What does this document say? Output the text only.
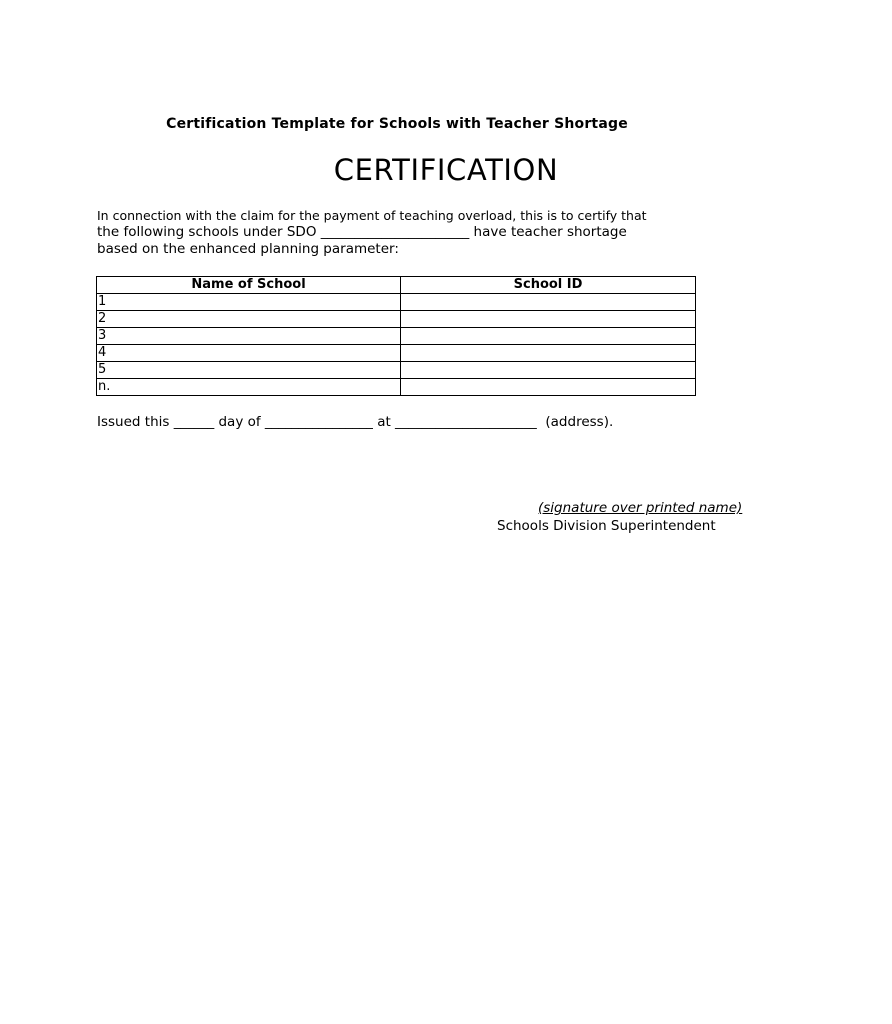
Certification Template for Schools with Teacher Shortage
CERTIFICATION
In connection with the claim for the payment of teaching overload, this is to certify that
the following schools under SDO ______________________ have teacher shortage
based on the enhanced planning parameter:
Name of School	School ID
1	
2	
3	
4	
5	
n.	
Issued this ______ day of ________________ at _____________________  (address).
(signature over printed name)
Schools Division Superintendent
